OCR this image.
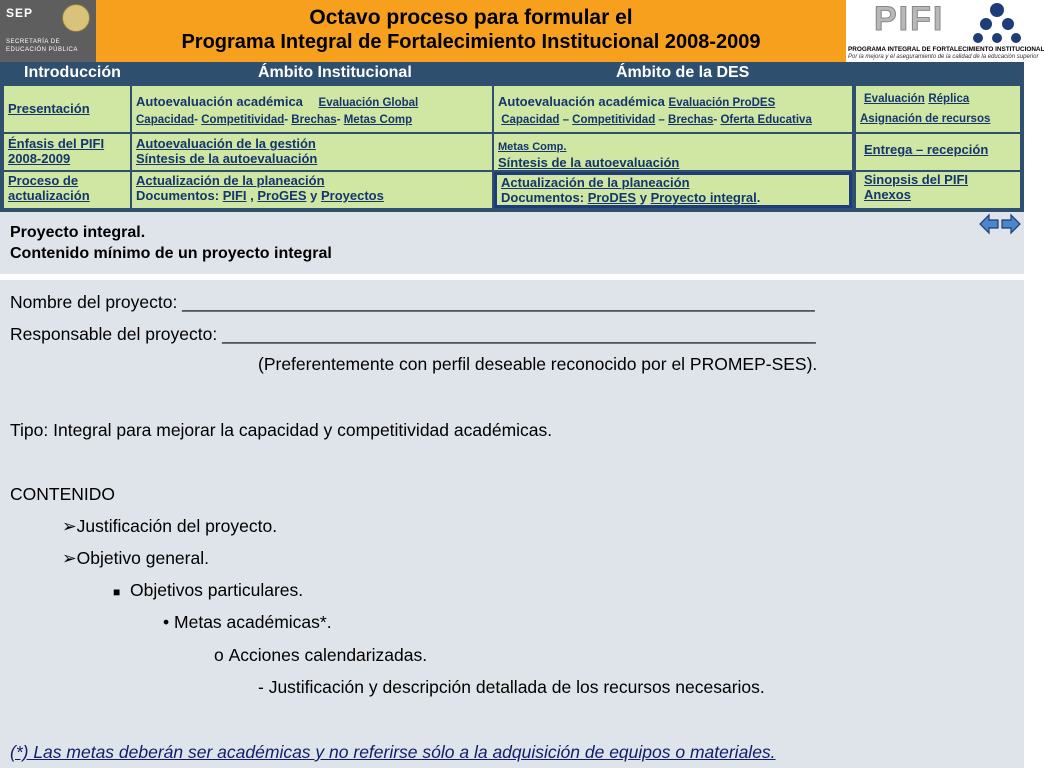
SEP
SECRETARÍA DE
EDUCACIÓN PÚBLICA
Octavo proceso para formular el
Programa Integral de Fortalecimiento Institucional 2008-2009
PIFI
PROGRAMA INTEGRAL DE FORTALECIMIENTO INSTITUCIONAL
Por la mejora y el aseguramiento de la calidad de la educación superior
Introducción	Ámbito Institucional	Ámbito de la DES
Presentación
Énfasis del PIFI 2008-2009
Proceso de actualización
Autoevaluación académica Evaluación Global
Capacidad- Competitividad- Brechas- Metas Comp
Autoevaluación de la gestión
Síntesis de la autoevaluación
Actualización de la planeación
Documentos: PIFI , ProGES y Proyectos
Autoevaluación académica Evaluación ProDES
Capacidad – Competitividad – Brechas- Oferta Educativa
Metas Comp.
Síntesis de la autoevaluación
Actualización de la planeación
Documentos: ProDES y Proyecto integral.
Evaluación Réplica
Asignación de recursos
Entrega – recepción
Sinopsis del PIFI
Anexos
Proyecto integral.
Contenido mínimo de un proyecto integral
Nombre del proyecto: _________________________________________________________________
Responsable del proyecto: _____________________________________________________________
(Preferentemente con perfil deseable reconocido por el PROMEP-SES).
Tipo: Integral para mejorar la capacidad y competitividad académicas.
CONTENIDO
➢Justificación del proyecto.
➢Objetivo general.
■ Objetivos particulares.
• Metas académicas*.
o Acciones calendarizadas.
- Justificación y descripción detallada de los recursos necesarios.
(*) Las metas deberán ser académicas y no referirse sólo a la adquisición de equipos o materiales.
